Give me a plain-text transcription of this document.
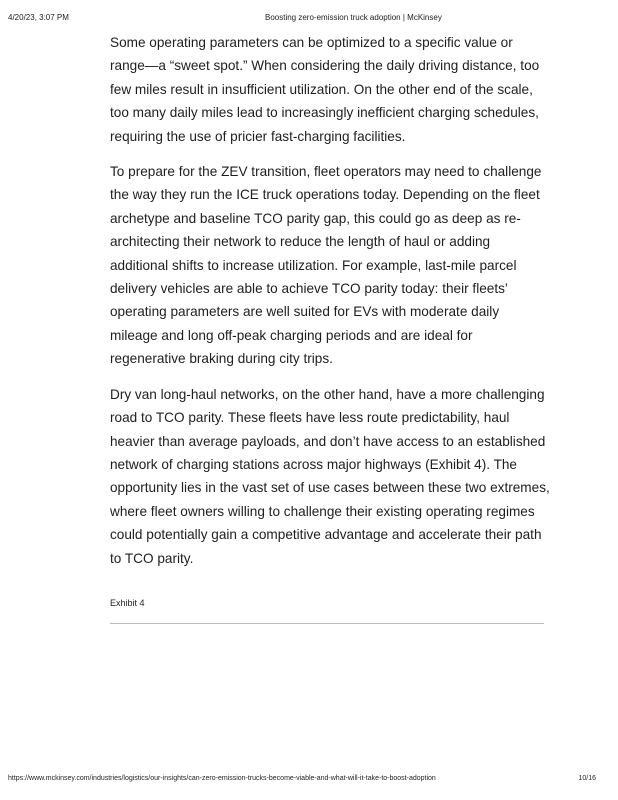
4/20/23, 3:07 PM	Boosting zero-emission truck adoption | McKinsey

Some operating parameters can be optimized to a specific value or range—a “sweet spot.” When considering the daily driving distance, too few miles result in insufficient utilization. On the other end of the scale, too many daily miles lead to increasingly inefficient charging schedules, requiring the use of pricier fast-charging facilities.

To prepare for the ZEV transition, fleet operators may need to challenge the way they run the ICE truck operations today. Depending on the fleet archetype and baseline TCO parity gap, this could go as deep as re-architecting their network to reduce the length of haul or adding additional shifts to increase utilization. For example, last-mile parcel delivery vehicles are able to achieve TCO parity today: their fleets’ operating parameters are well suited for EVs with moderate daily mileage and long off-peak charging periods and are ideal for regenerative braking during city trips.

Dry van long-haul networks, on the other hand, have a more challenging road to TCO parity. These fleets have less route predictability, haul heavier than average payloads, and don’t have access to an established network of charging stations across major highways (Exhibit 4). The opportunity lies in the vast set of use cases between these two extremes, where fleet owners willing to challenge their existing operating regimes could potentially gain a competitive advantage and accelerate their path to TCO parity.

Exhibit 4
https://www.mckinsey.com/industries/logistics/our-insights/can-zero-emission-trucks-become-viable-and-what-will-it-take-to-boost-adoption	10/16
